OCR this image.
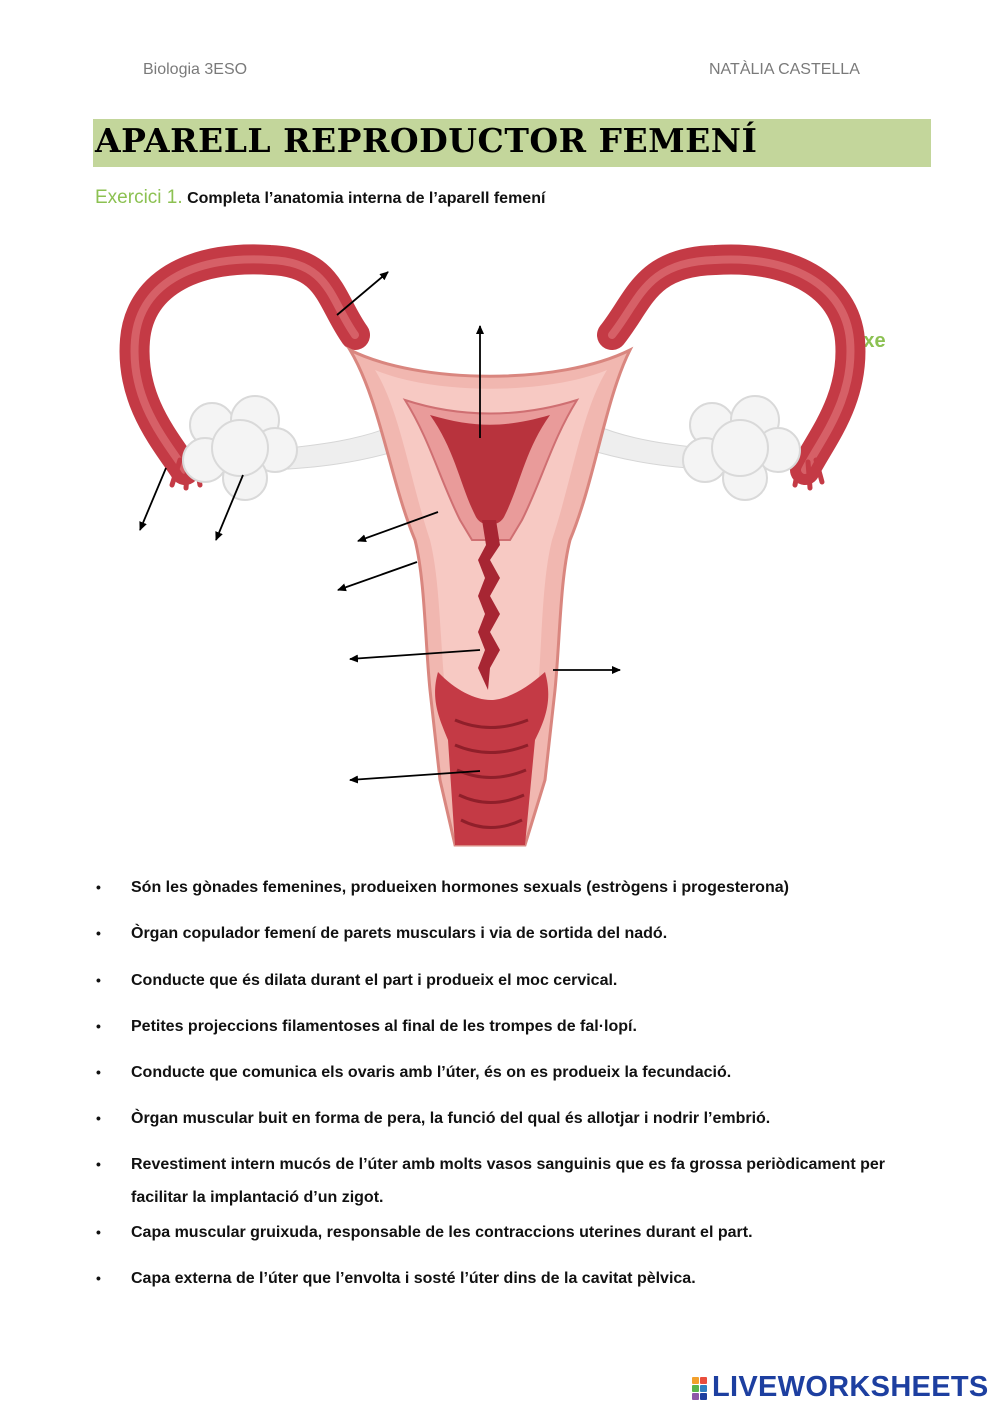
Biologia 3ESO	NATÀLIA CASTELLA
APARELL REPRODUCTOR FEMENÍ
Exercici 1. Completa l’anatomia interna de l’aparell femení
Exe
• Són les gònades femenines, produeixen hormones sexuals (estrògens i progesterona)
• Òrgan copulador femení de parets musculars i via de sortida del nadó.
• Conducte que és dilata durant el part i produeix el moc cervical.
• Petites projeccions filamentoses al final de les trompes de fal·lopí.
• Conducte que comunica els ovaris amb l’úter, és on es produeix la fecundació.
• Òrgan muscular buit en forma de pera, la funció del qual és allotjar i nodrir l’embrió.
• Revestiment intern mucós de l’úter amb molts vasos sanguinis que es fa grossa periòdicament per facilitar la implantació d’un zigot.
• Capa muscular gruixuda, responsable de les contraccions uterines durant el part.
• Capa externa de l’úter que l’envolta i sosté l’úter dins de la cavitat pèlvica.
LIVEWORKSHEETS
